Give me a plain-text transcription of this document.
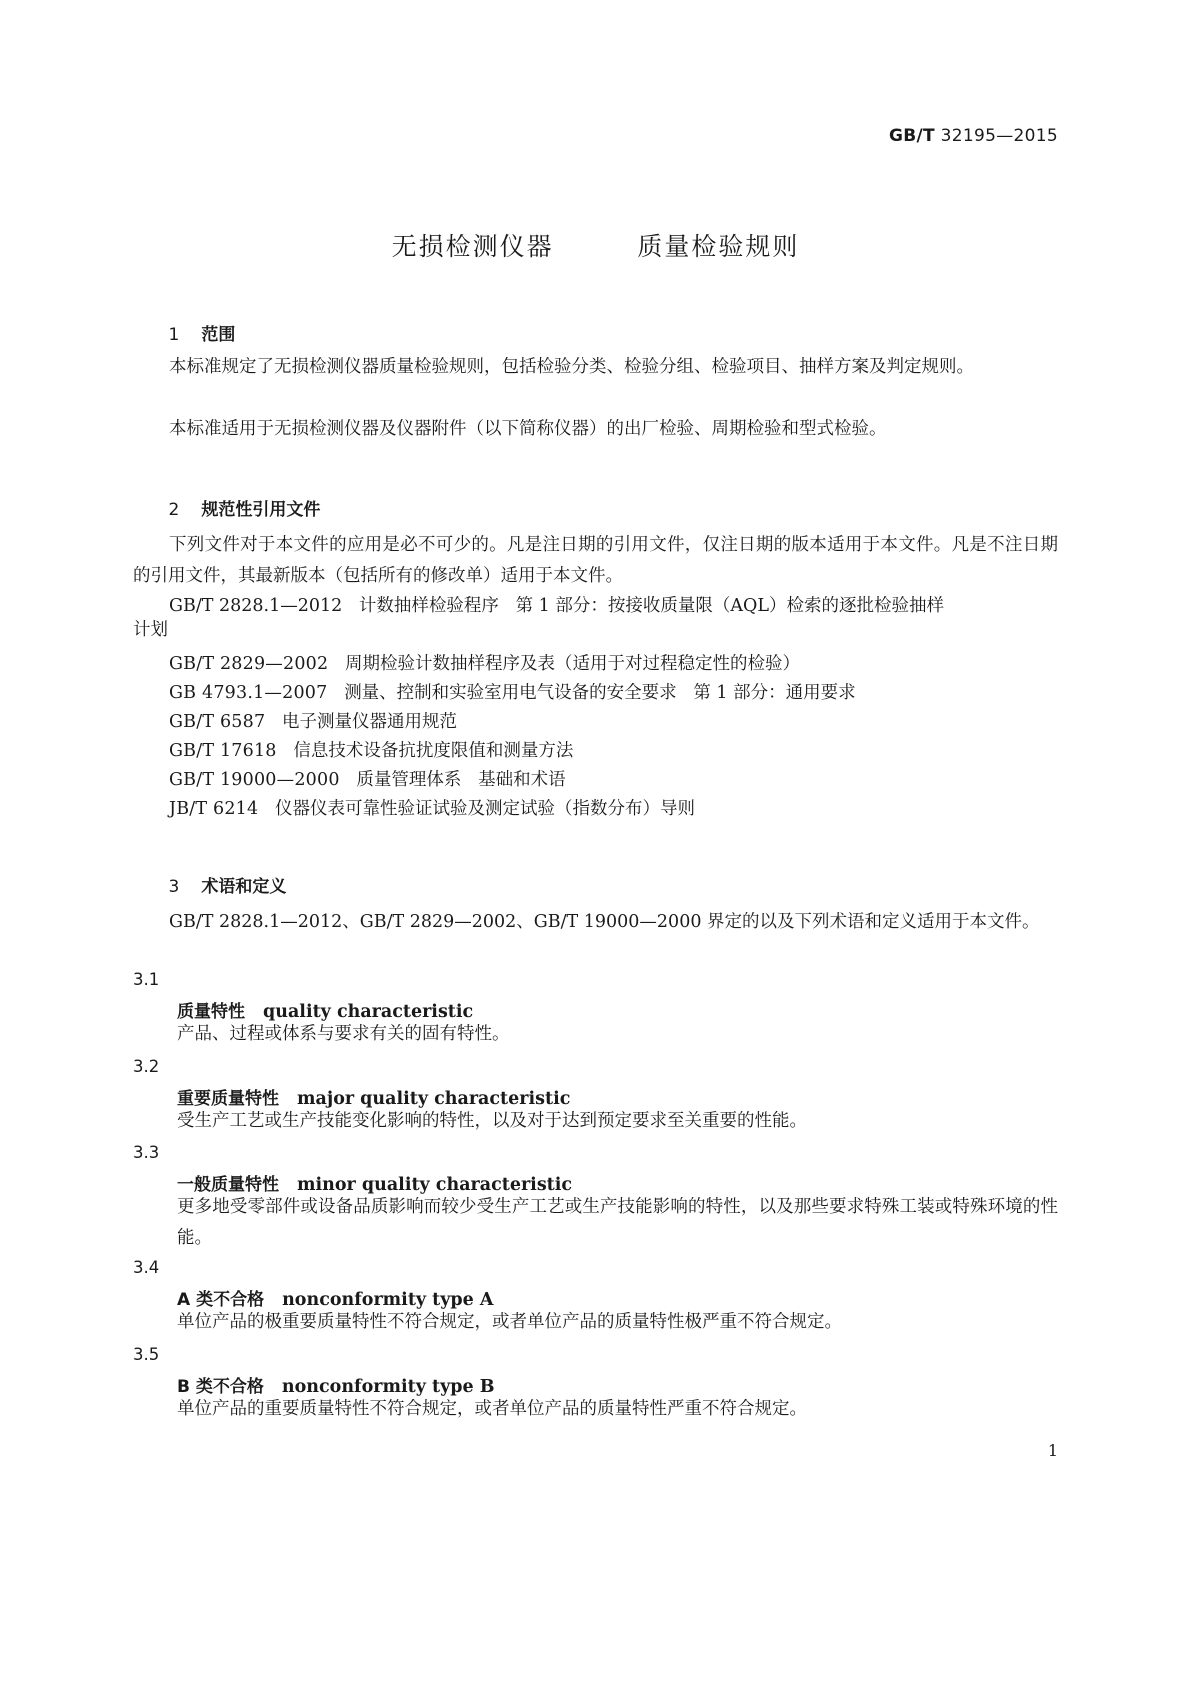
GB/T 32195—2015
无损检测仪器   质量检验规则

1 范围

本标准规定了无损检测仪器质量检验规则，包括检验分类、检验分组、检验项目、抽样方案及判定规则。
本标准适用于无损检测仪器及仪器附件（以下简称仪器）的出厂检验、周期检验和型式检验。

2 规范性引用文件

下列文件对于本文件的应用是必不可少的。凡是注日期的引用文件，仅注日期的版本适用于本文件。凡是不注日期的引用文件，其最新版本（包括所有的修改单）适用于本文件。
GB/T 2828.1—2012   计数抽样检验程序   第 1 部分：按接收质量限（AQL）检索的逐批检验抽样
计划
GB/T 2829—2002 周期检验计数抽样程序及表（适用于对过程稳定性的检验）
GB 4793.1—2007 测量、控制和实验室用电气设备的安全要求   第 1 部分：通用要求
GB/T 6587 电子测量仪器通用规范
GB/T 17618 信息技术设备抗扰度限值和测量方法
GB/T 19000—2000 质量管理体系   基础和术语
JB/T 6214 仪器仪表可靠性验证试验及测定试验（指数分布）导则

3 术语和定义

GB/T 2828.1—2012、GB/T 2829—2002、GB/T 19000—2000 界定的以及下列术语和定义适用于本文件。
3.1
质量特性 quality characteristic
产品、过程或体系与要求有关的固有特性。
3.2
重要质量特性 major quality characteristic
受生产工艺或生产技能变化影响的特性，以及对于达到预定要求至关重要的性能。
3.3
一般质量特性 minor quality characteristic
更多地受零部件或设备品质影响而较少受生产工艺或生产技能影响的特性，以及那些要求特殊工装或特殊环境的性能。
3.4
A 类不合格 nonconformity type A
单位产品的极重要质量特性不符合规定，或者单位产品的质量特性极严重不符合规定。
3.5
B 类不合格 nonconformity type B
单位产品的重要质量特性不符合规定，或者单位产品的质量特性严重不符合规定。
1
